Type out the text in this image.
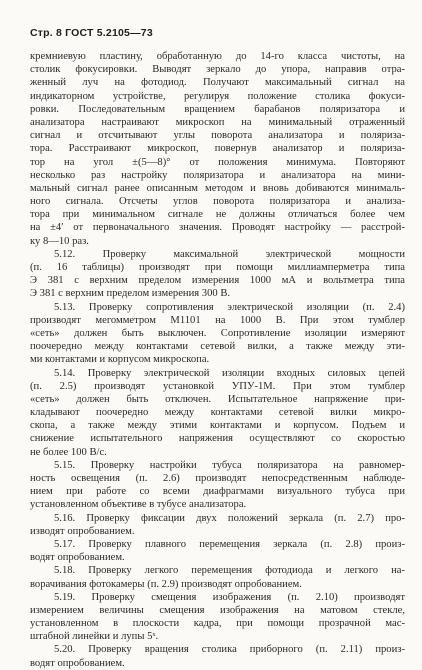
Стр. 8 ГОСТ 5.2105—73
кремниевую пластину, обработанную до 14-го класса чистоты, на
столик фокусировки. Выводят зеркало до упора, направив отра-
женный луч на фотодиод. Получают максимальный сигнал на
индикаторном устройстве, регулируя положение столика фокуси-
ровки. Последовательным вращением барабанов поляризатора и
анализатора настраивают микроскоп на минимальный отраженный
сигнал и отсчитывают углы поворота анализатора и поляриза-
тора. Расстраивают микроскоп, повернув анализатор и поляриза-
тор на угол ±(5—8)° от положения минимума. Повторяют
несколько раз настройку поляризатора и анализатора на мини-
мальный сигнал ранее описанным методом и вновь добиваются минималь-
ного сигнала. Отсчеты углов поворота поляризатора и анализа-
тора при минимальном сигнале не должны отличаться более чем
на ±4′ от первоначального значения. Проводят настройку — расстрой-
ку 8—10 раз.
5.12. Проверку максимальной электрической мощности
(п. 16 таблицы) производят при помощи миллиамперметра типа
Э 381 с верхним пределом измерения 1000 мА и вольтметра типа
Э 381 с верхним пределом измерения 300 В.
5.13. Проверку сопротивления электрической изоляции (п. 2.4)
производят мегомметром М1101 на 1000 В. При этом тумблер
«сеть» должен быть выключен. Сопротивление изоляции измеряют
поочередно между контактами сетевой вилки, а также между эти-
ми контактами и корпусом микроскопа.
5.14. Проверку электрической изоляции входных силовых цепей
(п. 2.5) производят установкой УПУ-1М. При этом тумблер
«сеть» должен быть отключен. Испытательное напряжение при-
кладывают поочередно между контактами сетевой вилки микро-
скопа, а также между этими контактами и корпусом. Подъем и
снижение испытательного напряжения осуществляют со скоростью
не более 100 В/с.
5.15. Проверку настройки тубуса поляризатора на равномер-
ность освещения (п. 2.6) производят непосредственным наблюде-
нием при работе со всеми диафрагмами визуального тубуса при
установленном объективе в тубусе анализатора.
5.16. Проверку фиксации двух положений зеркала (п. 2.7) про-
изводят опробованием.
5.17. Проверку плавного перемещения зеркала (п. 2.8) произ-
водят опробованием.
5.18. Проверку легкого перемещения фотодиода и легкого на-
ворачивания фотокамеры (п. 2.9) производят опробованием.
5.19. Проверку смещения изображения (п. 2.10) производят
измерением величины смещения изображения на матовом стекле,
установленном в плоскости кадра, при помощи прозрачной мас-
штабной линейки и лупы 5ˣ.
5.20. Проверку вращения столика приборного (п. 2.11) произ-
водят опробованием.
